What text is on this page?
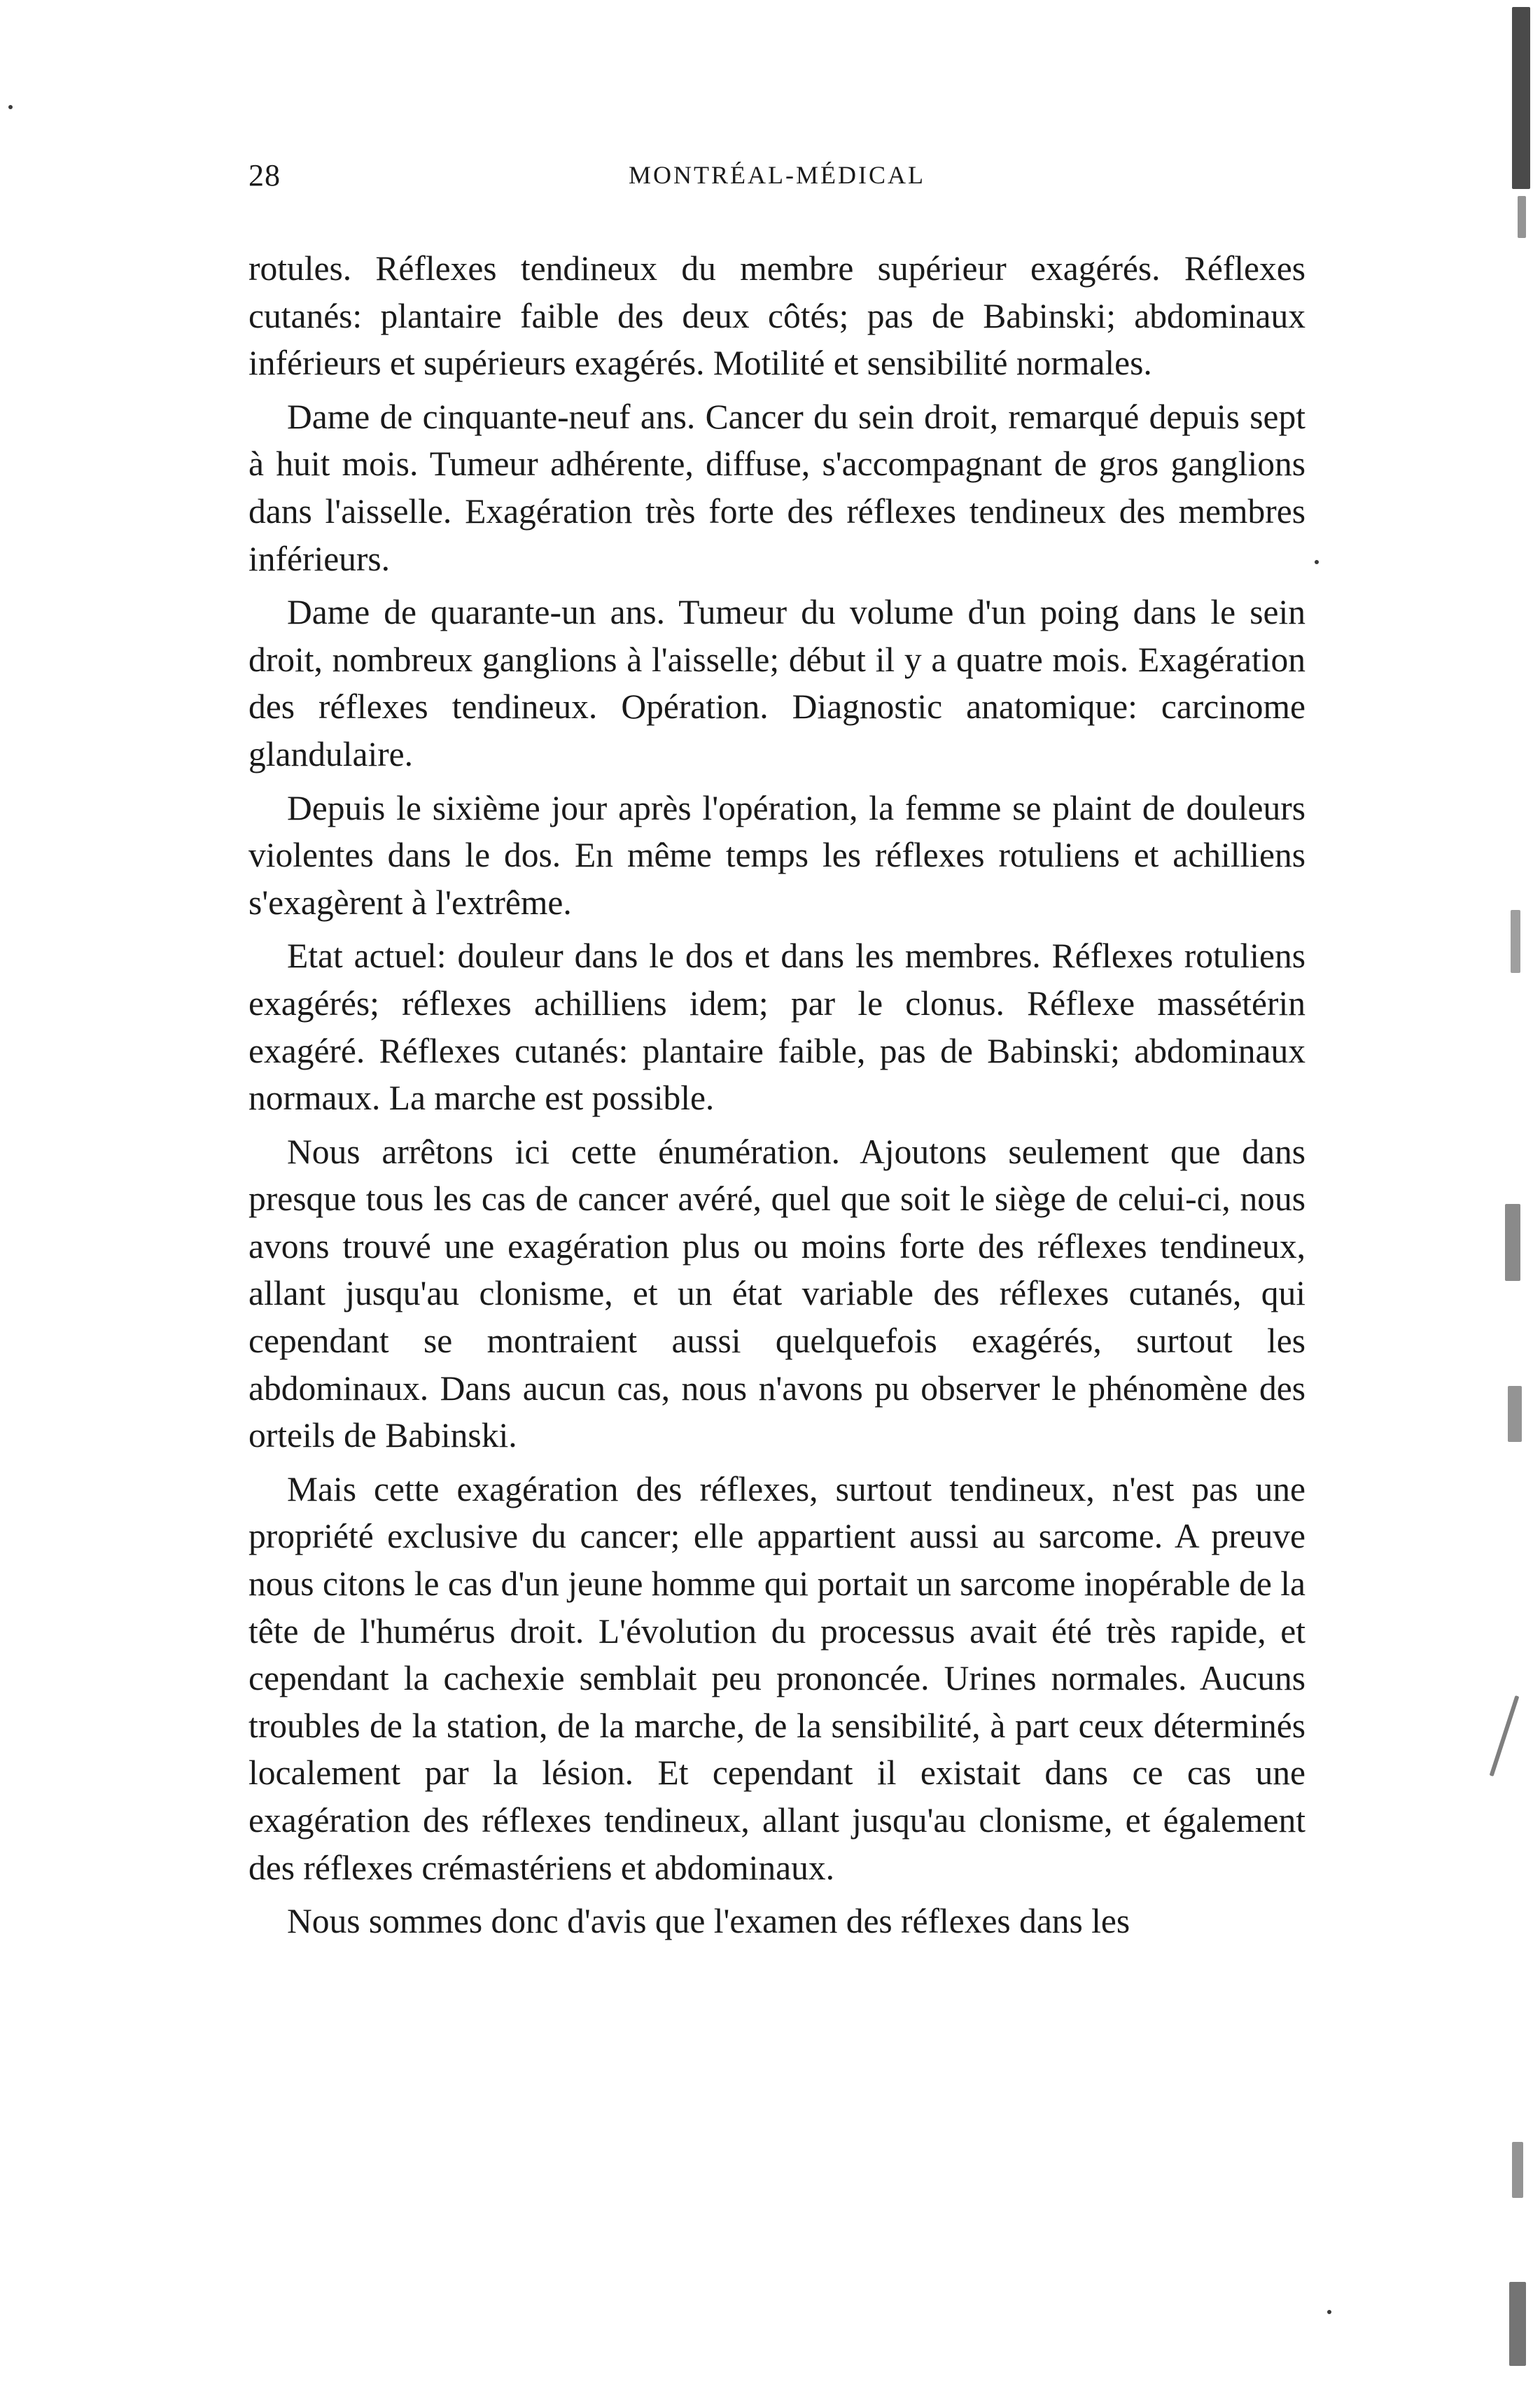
28	MONTRÉAL-MÉDICAL

rotules. Réflexes tendineux du membre supérieur exagérés. Réflexes cutanés: plantaire faible des deux côtés; pas de Babinski; abdominaux inférieurs et supérieurs exagérés. Motilité et sensibilité normales.

Dame de cinquante-neuf ans. Cancer du sein droit, remarqué depuis sept à huit mois. Tumeur adhérente, diffuse, s'accompagnant de gros ganglions dans l'aisselle. Exagération très forte des réflexes tendineux des membres inférieurs.

Dame de quarante-un ans. Tumeur du volume d'un poing dans le sein droit, nombreux ganglions à l'aisselle; début il y a quatre mois. Exagération des réflexes tendineux. Opération. Diagnostic anatomique: carcinome glandulaire.

Depuis le sixième jour après l'opération, la femme se plaint de douleurs violentes dans le dos. En même temps les réflexes rotuliens et achilliens s'exagèrent à l'extrême.

Etat actuel: douleur dans le dos et dans les membres. Réflexes rotuliens exagérés; réflexes achilliens idem; par le clonus. Réflexe massétérin exagéré. Réflexes cutanés: plantaire faible, pas de Babinski; abdominaux normaux. La marche est possible.

Nous arrêtons ici cette énumération. Ajoutons seulement que dans presque tous les cas de cancer avéré, quel que soit le siège de celui-ci, nous avons trouvé une exagération plus ou moins forte des réflexes tendineux, allant jusqu'au clonisme, et un état variable des réflexes cutanés, qui cependant se montraient aussi quelquefois exagérés, surtout les abdominaux. Dans aucun cas, nous n'avons pu observer le phénomène des orteils de Babinski.

Mais cette exagération des réflexes, surtout tendineux, n'est pas une propriété exclusive du cancer; elle appartient aussi au sarcome. A preuve nous citons le cas d'un jeune homme qui portait un sarcome inopérable de la tête de l'humérus droit. L'évolution du processus avait été très rapide, et cependant la cachexie semblait peu prononcée. Urines normales. Aucuns troubles de la station, de la marche, de la sensibilité, à part ceux déterminés localement par la lésion. Et cependant il existait dans ce cas une exagération des réflexes tendineux, allant jusqu'au clonisme, et également des réflexes crémastériens et abdominaux.

Nous sommes donc d'avis que l'examen des réflexes dans les
